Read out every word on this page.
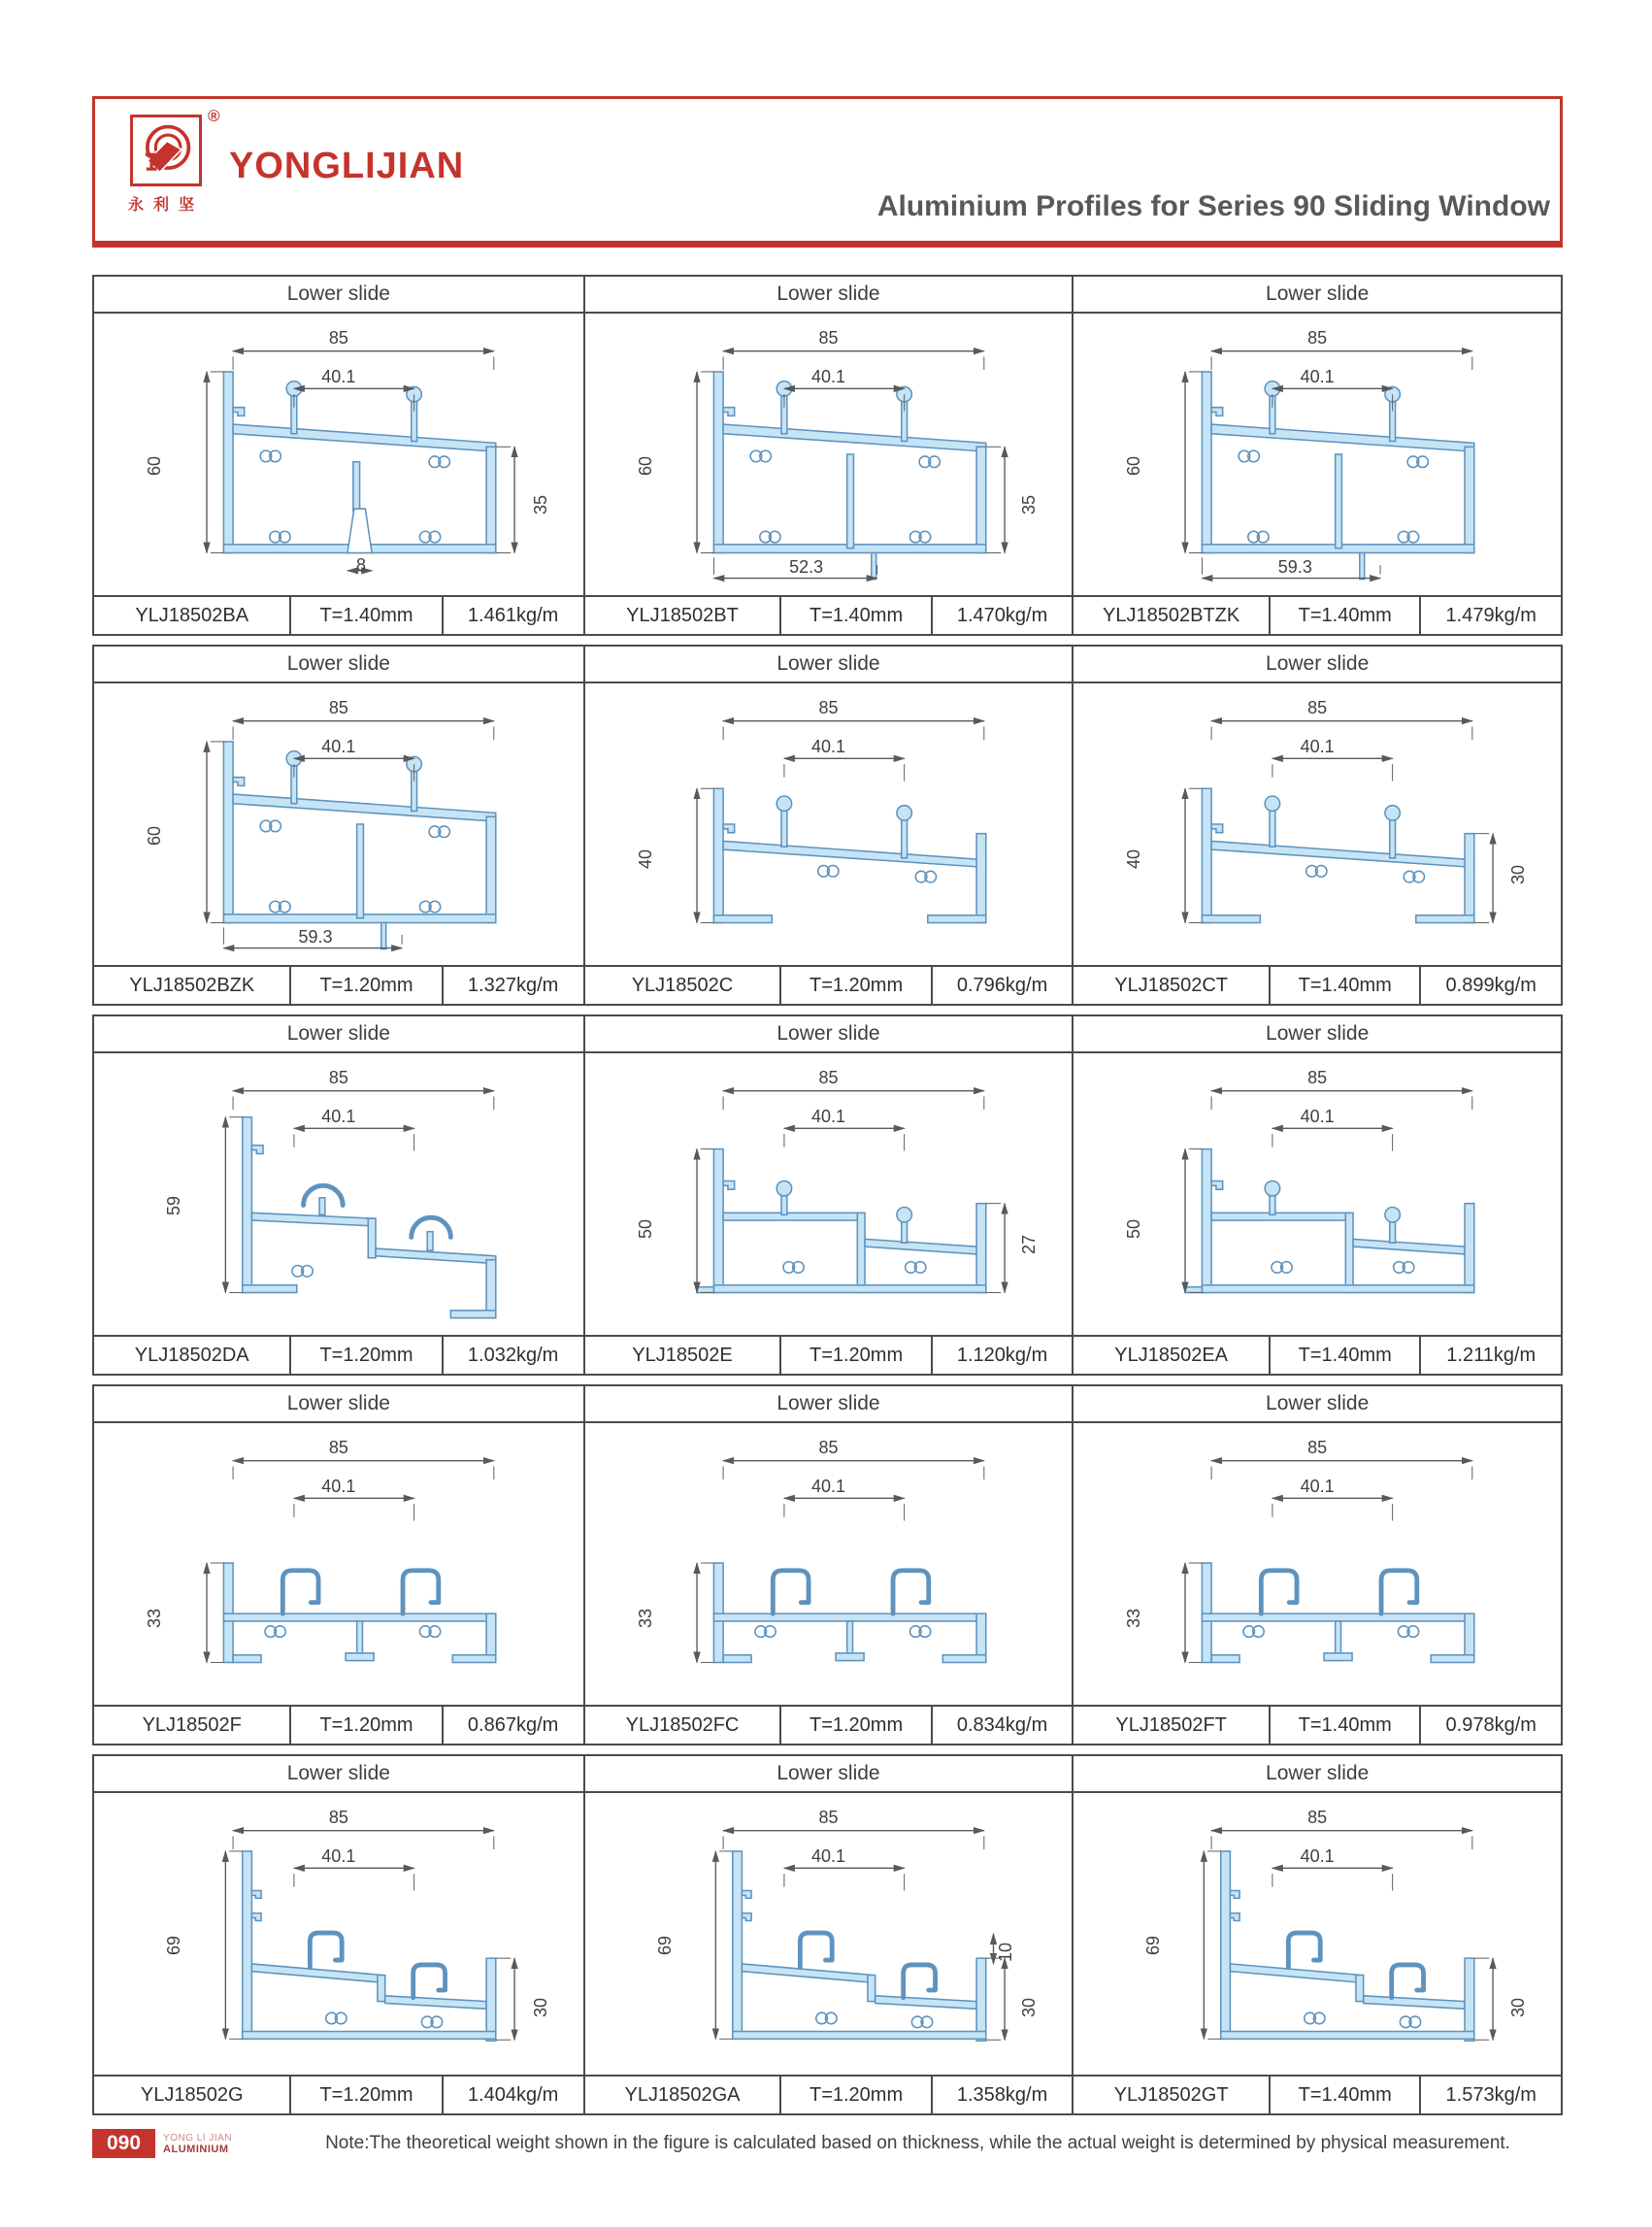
®
永利坚
YONGLIJIAN
Aluminium Profiles for Series 90 Sliding Window
Lower slide
85
40.1
60
35
8
YLJ18502BA	T=1.40mm	1.461kg/m
Lower slide
85
40.1
60
35
52.3
YLJ18502BT	T=1.40mm	1.470kg/m
Lower slide
85
40.1
60
59.3
YLJ18502BTZK	T=1.40mm	1.479kg/m
Lower slide
85
40.1
60
59.3
YLJ18502BZK	T=1.20mm	1.327kg/m
Lower slide
85
40.1
40
YLJ18502C	T=1.20mm	0.796kg/m
Lower slide
85
40.1
40
30
YLJ18502CT	T=1.40mm	0.899kg/m
Lower slide
85
40.1
59
YLJ18502DA	T=1.20mm	1.032kg/m
Lower slide
85
40.1
50
27
YLJ18502E	T=1.20mm	1.120kg/m
Lower slide
85
40.1
50
YLJ18502EA	T=1.40mm	1.211kg/m
Lower slide
85
40.1
33
YLJ18502F	T=1.20mm	0.867kg/m
Lower slide
85
40.1
33
YLJ18502FC	T=1.20mm	0.834kg/m
Lower slide
85
40.1
33
YLJ18502FT	T=1.40mm	0.978kg/m
Lower slide
85
40.1
69
30
YLJ18502G	T=1.20mm	1.404kg/m
Lower slide
85
40.1
69
30
10
YLJ18502GA	T=1.20mm	1.358kg/m
Lower slide
85
40.1
69
30
YLJ18502GT	T=1.40mm	1.573kg/m
090	YONG LI JIAN
ALUMINIUM	Note:The theoretical weight shown in the figure is calculated based on thickness, while the actual weight is determined by physical measurement.
